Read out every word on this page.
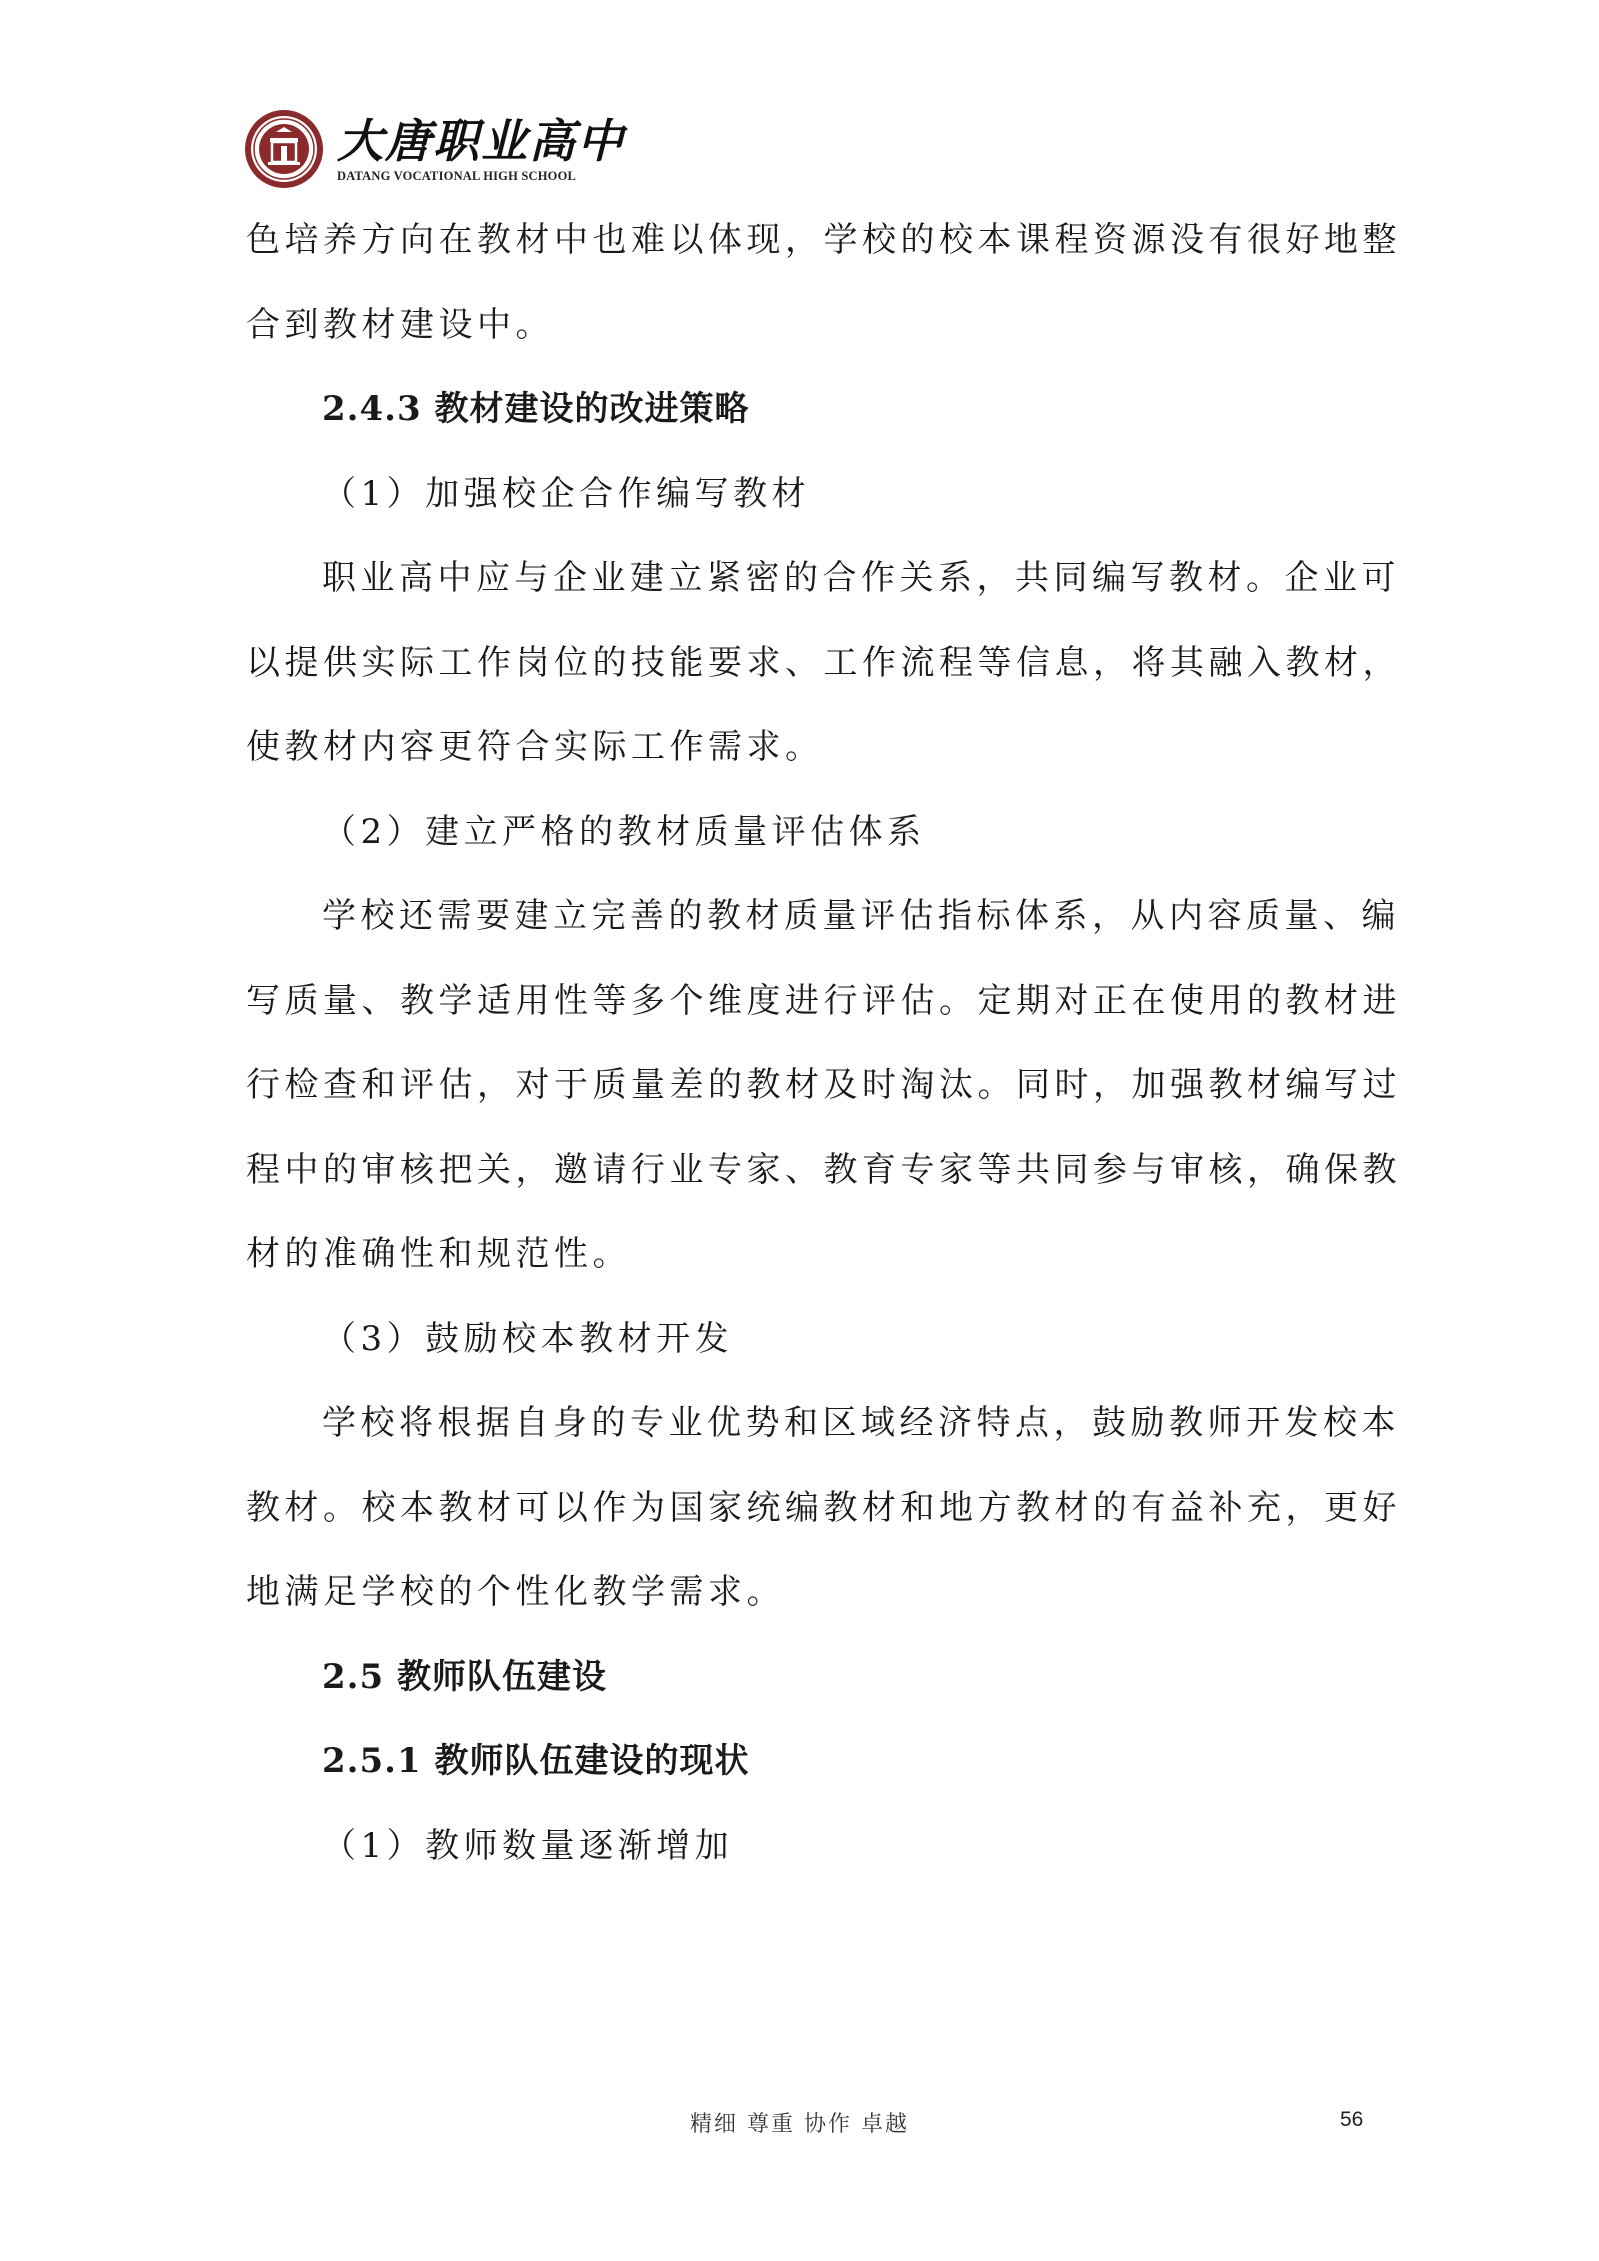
大唐职业高中
DATANG VOCATIONAL HIGH SCHOOL

色培养方向在教材中也难以体现，学校的校本课程资源没有很好地整

合到教材建设中。

2.4.3 教材建设的改进策略

（1）加强校企合作编写教材

职业高中应与企业建立紧密的合作关系，共同编写教材。企业可

以提供实际工作岗位的技能要求、工作流程等信息，将其融入教材，

使教材内容更符合实际工作需求。

（2）建立严格的教材质量评估体系

学校还需要建立完善的教材质量评估指标体系，从内容质量、编

写质量、教学适用性等多个维度进行评估。定期对正在使用的教材进

行检查和评估，对于质量差的教材及时淘汰。同时，加强教材编写过

程中的审核把关，邀请行业专家、教育专家等共同参与审核，确保教

材的准确性和规范性。

（3）鼓励校本教材开发

学校将根据自身的专业优势和区域经济特点，鼓励教师开发校本

教材。校本教材可以作为国家统编教材和地方教材的有益补充，更好

地满足学校的个性化教学需求。

2.5 教师队伍建设

2.5.1 教师队伍建设的现状

（1）教师数量逐渐增加

精细 尊重 协作 卓越	56
